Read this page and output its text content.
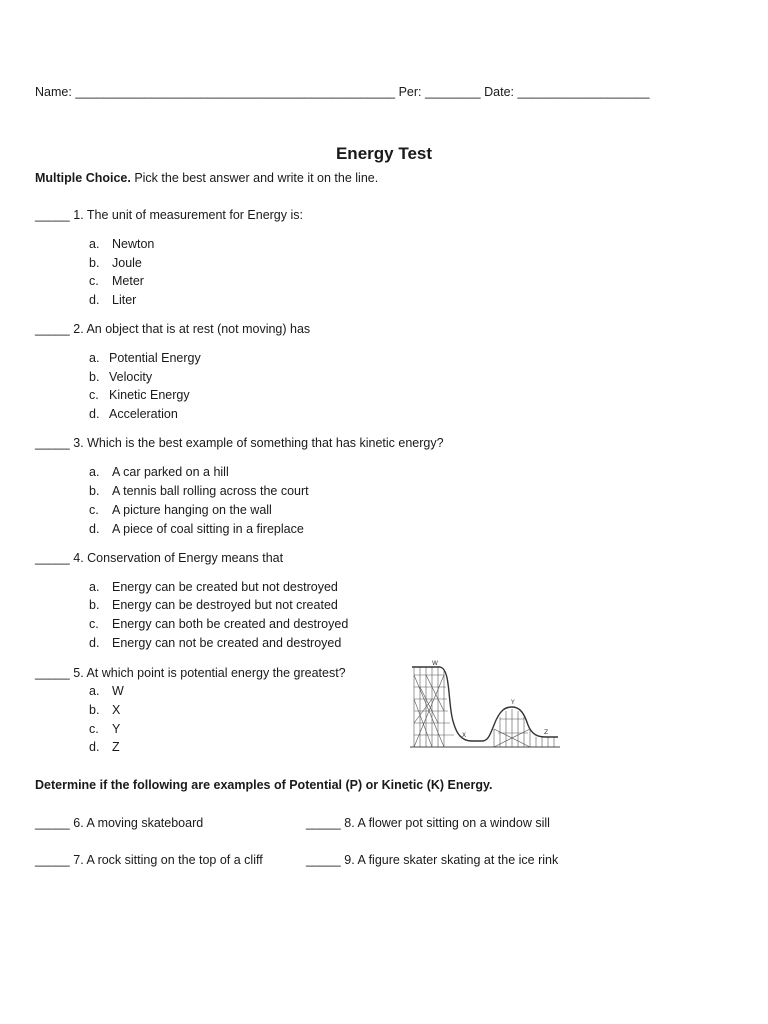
Name: ______________________________________________ Per: ________ Date: ___________________
Energy Test
Multiple Choice. Pick the best answer and write it on the line.
_____ 1. The unit of measurement for Energy is:
a. Newton
b. Joule
c. Meter
d. Liter
_____ 2. An object that is at rest (not moving) has
a. Potential Energy
b. Velocity
c. Kinetic Energy
d. Acceleration
_____ 3. Which is the best example of something that has kinetic energy?
a. A car parked on a hill
b. A tennis ball rolling across the court
c. A picture hanging on the wall
d. A piece of coal sitting in a fireplace
_____ 4. Conservation of Energy means that
a. Energy can be created but not destroyed
b. Energy can be destroyed but not created
c. Energy can both be created and destroyed
d. Energy can not be created and destroyed
_____ 5. At which point is potential energy the greatest?
a. W
b. X
c. Y
d. Z
W
X
Y
Z
Determine if the following are examples of Potential (P) or Kinetic (K) Energy.
_____ 6. A moving skateboard	_____ 8. A flower pot sitting on a window sill
_____ 7. A rock sitting on the top of a cliff	_____ 9. A figure skater skating at the ice rink
